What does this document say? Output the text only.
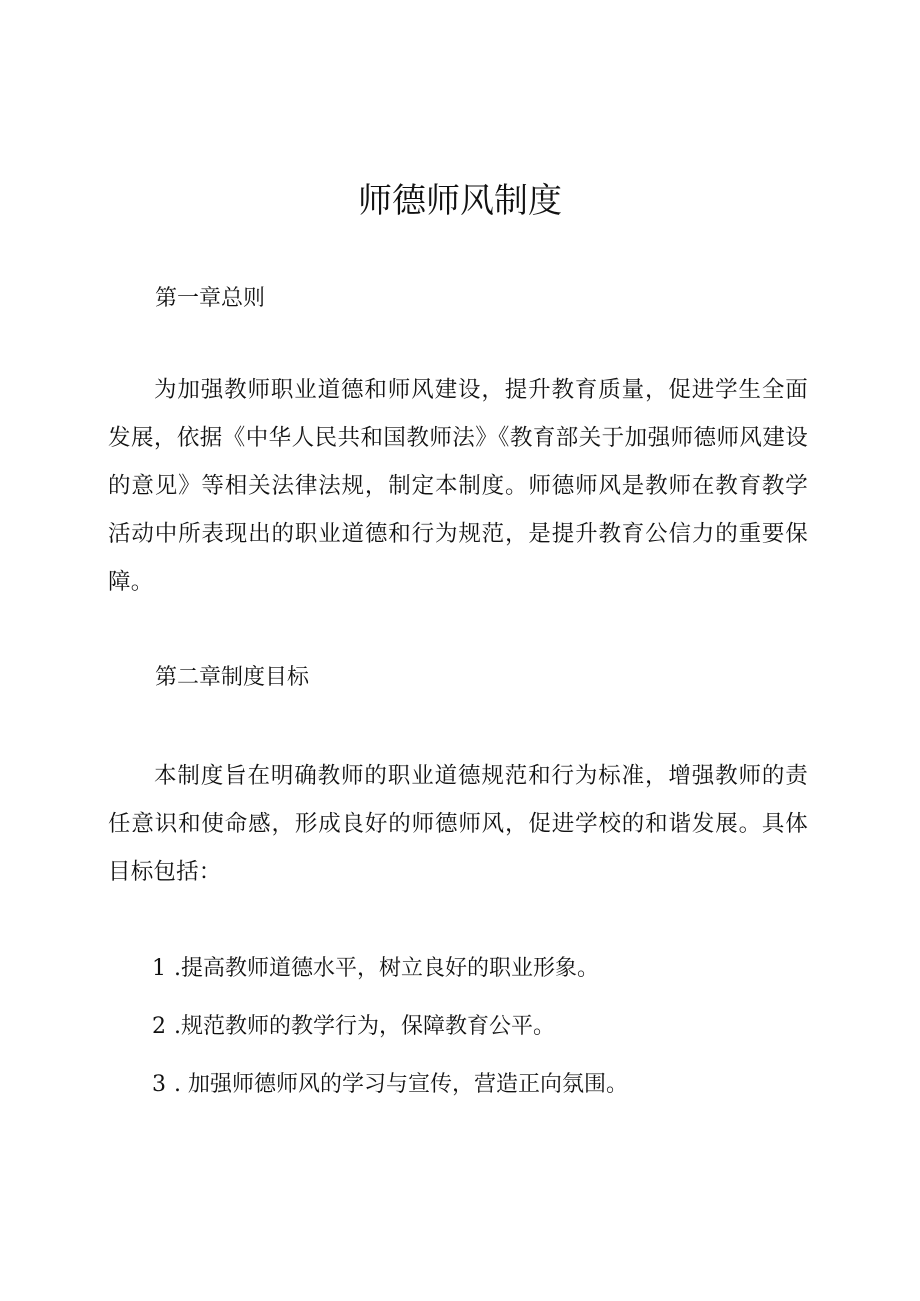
师德师风制度
第一章总则

为加强教师职业道德和师风建设，提升教育质量，促进学生全面发展，依据《中华人民共和国教师法》《教育部关于加强师德师风建设的意见》等相关法律法规，制定本制度。师德师风是教师在教育教学活动中所表现出的职业道德和行为规范，是提升教育公信力的重要保障。

第二章制度目标

本制度旨在明确教师的职业道德规范和行为标准，增强教师的责任意识和使命感，形成良好的师德师风，促进学校的和谐发展。具体目标包括：

1 .提高教师道德水平，树立良好的职业形象。
2 .规范教师的教学行为，保障教育公平。
3 . 加强师德师风的学习与宣传，营造正向氛围。
